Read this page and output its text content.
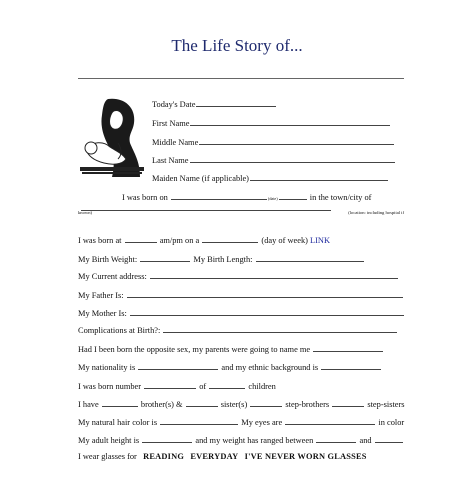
The Life Story of...
Today's Date
First Name
Middle Name
Last Name
Maiden Name (if applicable)
I was born on	(date)	in the town/city of
known)	(location: including hospital if
I was born at	am/pm on a	(day of week) LINK
My Birth Weight:	My Birth Length:
My Current address:
My Father Is:
My Mother Is:
Complications at Birth?:
Had I been born the opposite sex, my parents were going to name me
My nationality is	and my ethnic background is
I was born number	of	children
I have	brother(s) &	sister(s)	step-brothers	step-sisters
My natural hair color is	My eyes are	in color
My adult height is	and my weight has ranged between	and
I wear glasses for READING EVERYDAY I'VE NEVER WORN GLASSES
